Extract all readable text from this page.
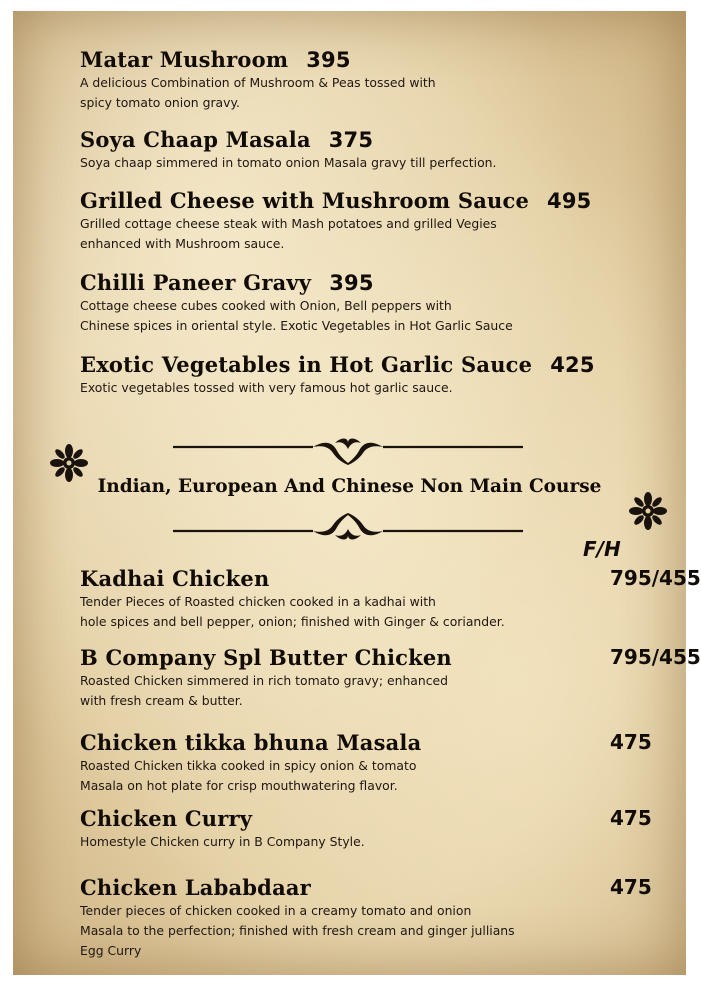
Matar Mushroom 395
A delicious Combination of Mushroom & Peas tossed with
spicy tomato onion gravy.
Soya Chaap Masala 375
Soya chaap simmered in tomato onion Masala gravy till perfection.
Grilled Cheese with Mushroom Sauce 495
Grilled cottage cheese steak with Mash potatoes and grilled Vegies
enhanced with Mushroom sauce.
Chilli Paneer Gravy 395
Cottage cheese cubes cooked with Onion, Bell peppers with
Chinese spices in oriental style. Exotic Vegetables in Hot Garlic Sauce
Exotic Vegetables in Hot Garlic Sauce 425
Exotic vegetables tossed with very famous hot garlic sauce.
Indian, European And Chinese Non Main Course
F/H
Kadhai Chicken	795/455
Tender Pieces of Roasted chicken cooked in a kadhai with
hole spices and bell pepper, onion; finished with Ginger & coriander.
B Company Spl Butter Chicken	795/455
Roasted Chicken simmered in rich tomato gravy; enhanced
with fresh cream & butter.
Chicken tikka bhuna Masala	475
Roasted Chicken tikka cooked in spicy onion & tomato
Masala on hot plate for crisp mouthwatering flavor.
Chicken Curry	475
Homestyle Chicken curry in B Company Style.
Chicken Lababdaar	475
Tender pieces of chicken cooked in a creamy tomato and onion
Masala to the perfection; finished with fresh cream and ginger jullians
Egg Curry
